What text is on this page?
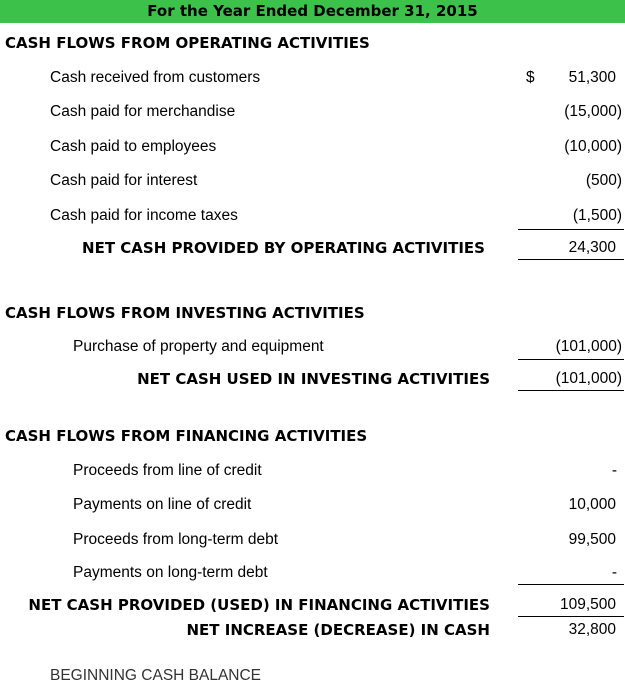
For the Year Ended December 31, 2015
CASH FLOWS FROM OPERATING ACTIVITIES
Cash received from customers	$ 51,300
Cash paid for merchandise	(15,000)
Cash paid to employees	(10,000)
Cash paid for interest	(500)
Cash paid for income taxes	(1,500)
NET CASH PROVIDED BY OPERATING ACTIVITIES	24,300
CASH FLOWS FROM INVESTING ACTIVITIES
Purchase of property and equipment	(101,000)
NET CASH USED IN INVESTING ACTIVITIES	(101,000)
CASH FLOWS FROM FINANCING ACTIVITIES
Proceeds from line of credit	-
Payments on line of credit	10,000
Proceeds from long-term debt	99,500
Payments on long-term debt	-
NET CASH PROVIDED (USED) IN FINANCING ACTIVITIES	109,500
NET INCREASE (DECREASE) IN CASH	32,800
BEGINNING CASH BALANCE
